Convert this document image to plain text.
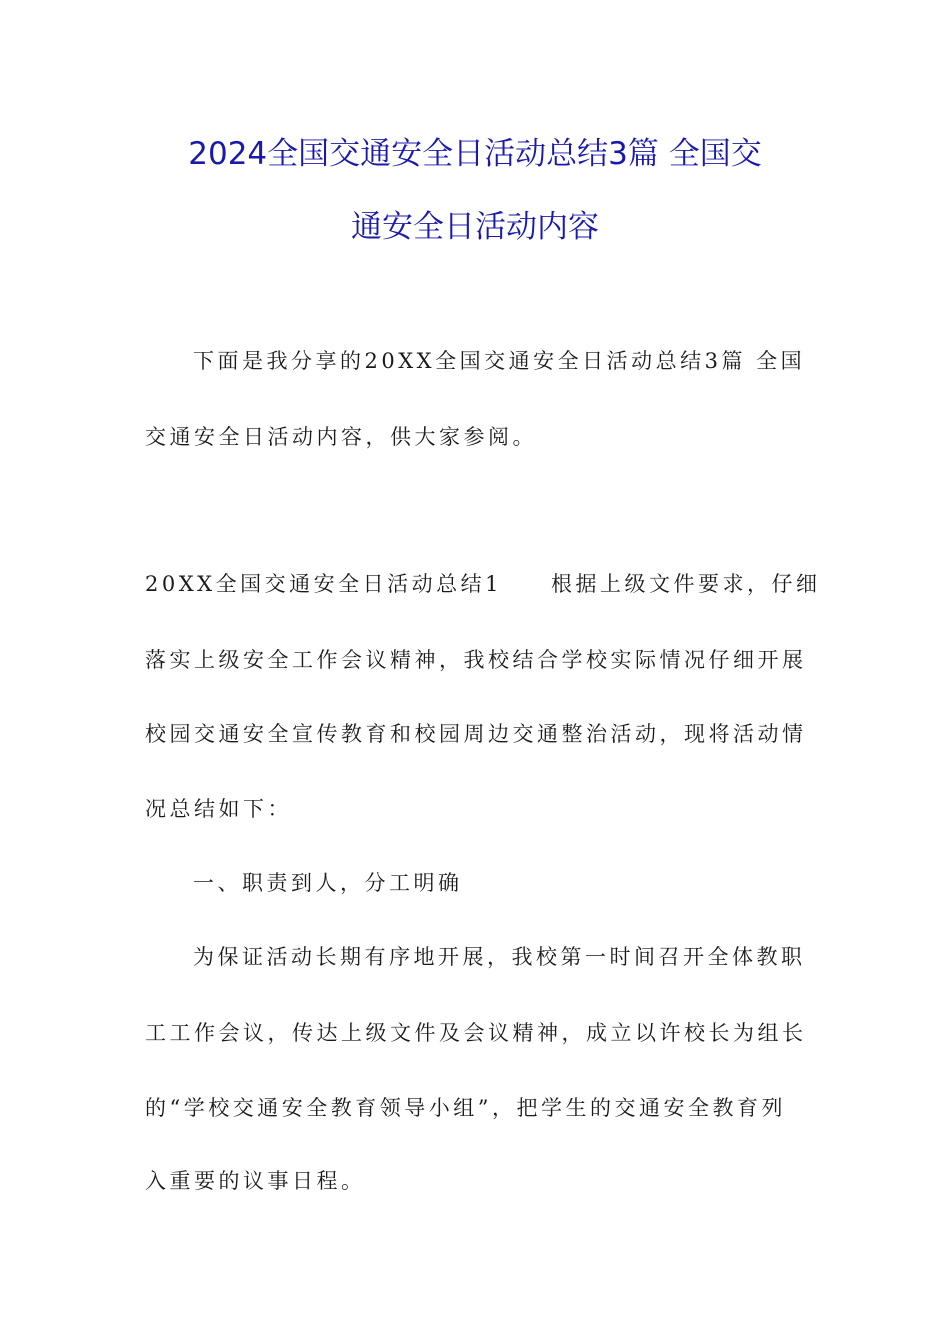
2024全国交通安全日活动总结3篇 全国交
通安全日活动内容
下面是我分享的20XX全国交通安全日活动总结3篇 全国
交通安全日活动内容，供大家参阅。
20XX全国交通安全日活动总结1　　根据上级文件要求，仔细
落实上级安全工作会议精神，我校结合学校实际情况仔细开展
校园交通安全宣传教育和校园周边交通整治活动，现将活动情
况总结如下：
一、职责到人，分工明确
为保证活动长期有序地开展，我校第一时间召开全体教职
工工作会议，传达上级文件及会议精神，成立以许校长为组长
的“学校交通安全教育领导小组”，把学生的交通安全教育列
入重要的议事日程。
